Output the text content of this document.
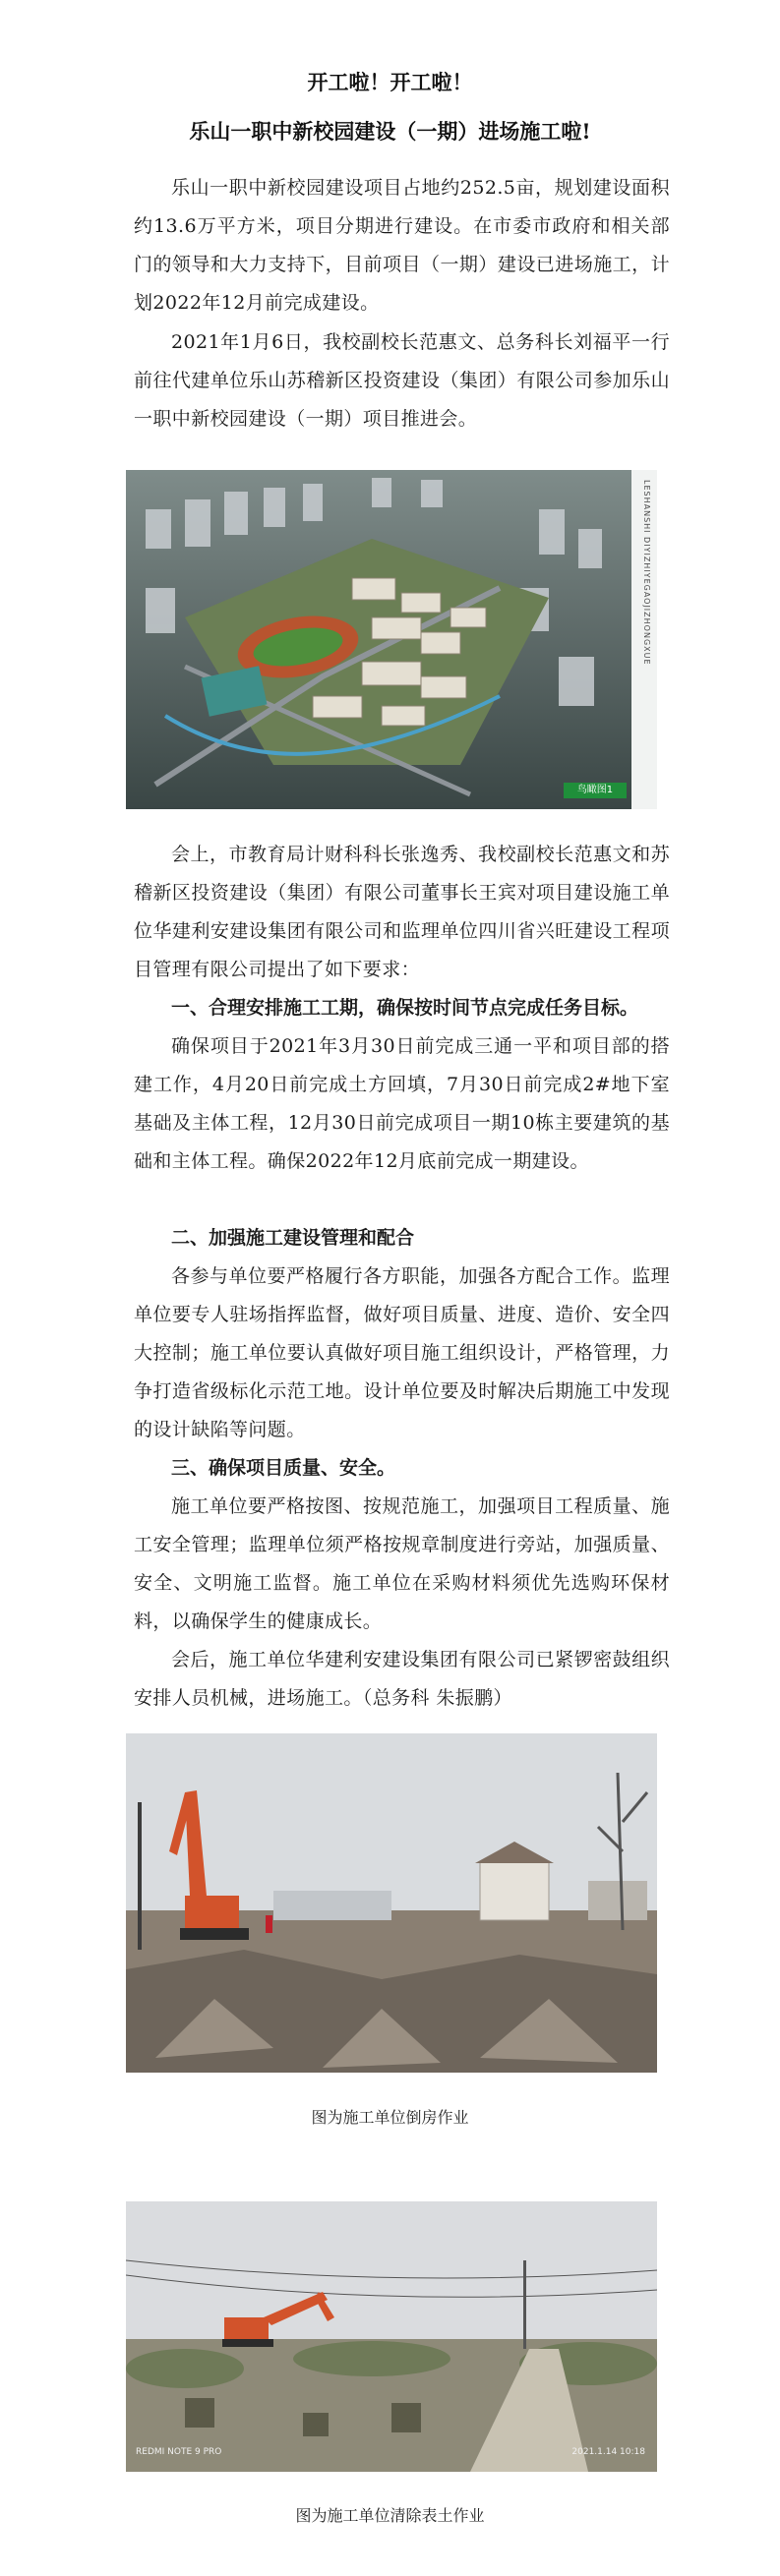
开工啦！开工啦！
乐山一职中新校园建设（一期）进场施工啦!

乐山一职中新校园建设项目占地约252.5亩，规划建设面积约13.6万平方米，项目分期进行建设。在市委市政府和相关部门的领导和大力支持下，目前项目（一期）建设已进场施工，计划2022年12月前完成建设。

2021年1月6日，我校副校长范惠文、总务科长刘福平一行前往代建单位乐山苏稽新区投资建设（集团）有限公司参加乐山一职中新校园建设（一期）项目推进会。

LESHANSHI DIYIZHIYEGAOJIZHONGXUE
鸟瞰图1

会上，市教育局计财科科长张逸秀、我校副校长范惠文和苏稽新区投资建设（集团）有限公司董事长王宾对项目建设施工单位华建利安建设集团有限公司和监理单位四川省兴旺建设工程项目管理有限公司提出了如下要求：

一、合理安排施工工期，确保按时间节点完成任务目标。

确保项目于2021年3月30日前完成三通一平和项目部的搭建工作，4月20日前完成土方回填，7月30日前完成2#地下室基础及主体工程，12月30日前完成项目一期10栋主要建筑的基础和主体工程。确保2022年12月底前完成一期建设。

二、加强施工建设管理和配合

各参与单位要严格履行各方职能，加强各方配合工作。监理单位要专人驻场指挥监督，做好项目质量、进度、造价、安全四大控制；施工单位要认真做好项目施工组织设计，严格管理，力争打造省级标化示范工地。设计单位要及时解决后期施工中发现的设计缺陷等问题。

三、确保项目质量、安全。

施工单位要严格按图、按规范施工，加强项目工程质量、施工安全管理；监理单位须严格按规章制度进行旁站，加强质量、安全、文明施工监督。施工单位在采购材料须优先选购环保材料，以确保学生的健康成长。

会后，施工单位华建利安建设集团有限公司已紧锣密鼓组织安排人员机械，进场施工。（总务科 朱振鹏）

图为施工单位倒房作业
REDMI NOTE 9 PRO	2021.1.14 10:18
图为施工单位清除表土作业
